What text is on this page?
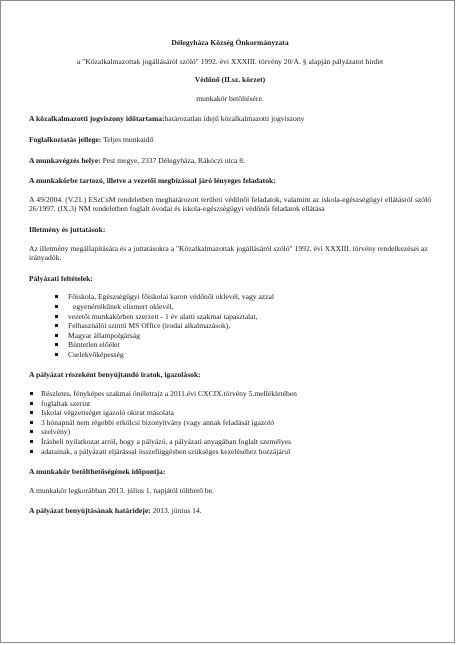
Délegyháza Község Önkormányzata

a "Közalkalmazottak jogállásáról szóló" 1992. évi XXXIII. törvény 20/A. § alapján pályázatot hirdet

Védőnő (II.sz. körzet)

munkakör betöltésére.

A közalkalmazotti jogviszony időtartama:határozatlan idejű közalkalmazotti jogviszony

Foglalkoztatás jellege: Teljes munkaidő

A munkavégzés helye: Pest megye, 2337 Délegyháza, Rákóczi utca 8.

A munkakörbe tartozó, illetve a vezetői megbízással járó lényeges feladatok:

A 49/2004. (V.21.) ESzCsM rendeletben meghatározott területi védőnői feladatok, valamint az iskola-egészségügyi ellátásról szóló 26/1997. (IX.3) NM rendeletben foglalt óvodai és iskola-egészségügyi védőnői feladatok ellátása

Illetmény és juttatások:

Az illetmény megállapítására és a juttatásokra a "Közalkalmazottak jogállásáról szóló" 1992. évi XXXIII. törvény rendelkezései az irányadók.

Pályázati feltételek:

Főiskola, Egészségügyi főiskolai karon védőnői oklevél, vagy azzal
egyenértékűnek elismert oklevél,
vezetői munkakörben szerzett - 1 év alatti szakmai tapasztalat,
Felhasználói szintű MS Office (irodai alkalmazások),
Magyar állampolgárság
Büntetlen előélet
Cselekvőképesség

A pályázat részeként benyújtandó iratok, igazolások:

Részletes, fényképes szakmai önéletrajz a 2011.évi CXCIX.törvény 5.mellékletében
foglaltak szerint
Iskolai végzettséget igazoló okirat másolata
3 hónapnál nem régebbi erkölcsi bizonyítvány (vagy annak feladását igazoló
szelvény)
Írásbeli nyilatkozat arról, hogy a pályázó, a pályázati anyagában foglalt személyes
adatainak, a pályázati eljárással összefüggésben szükséges kezeléséhez hozzájárul

A munkakör betölthetőségének időpontja:

A munkakör legkorábban 2013. július 1. napjától tölthető be.

A pályázat benyújtásának határideje: 2013. június 14.
